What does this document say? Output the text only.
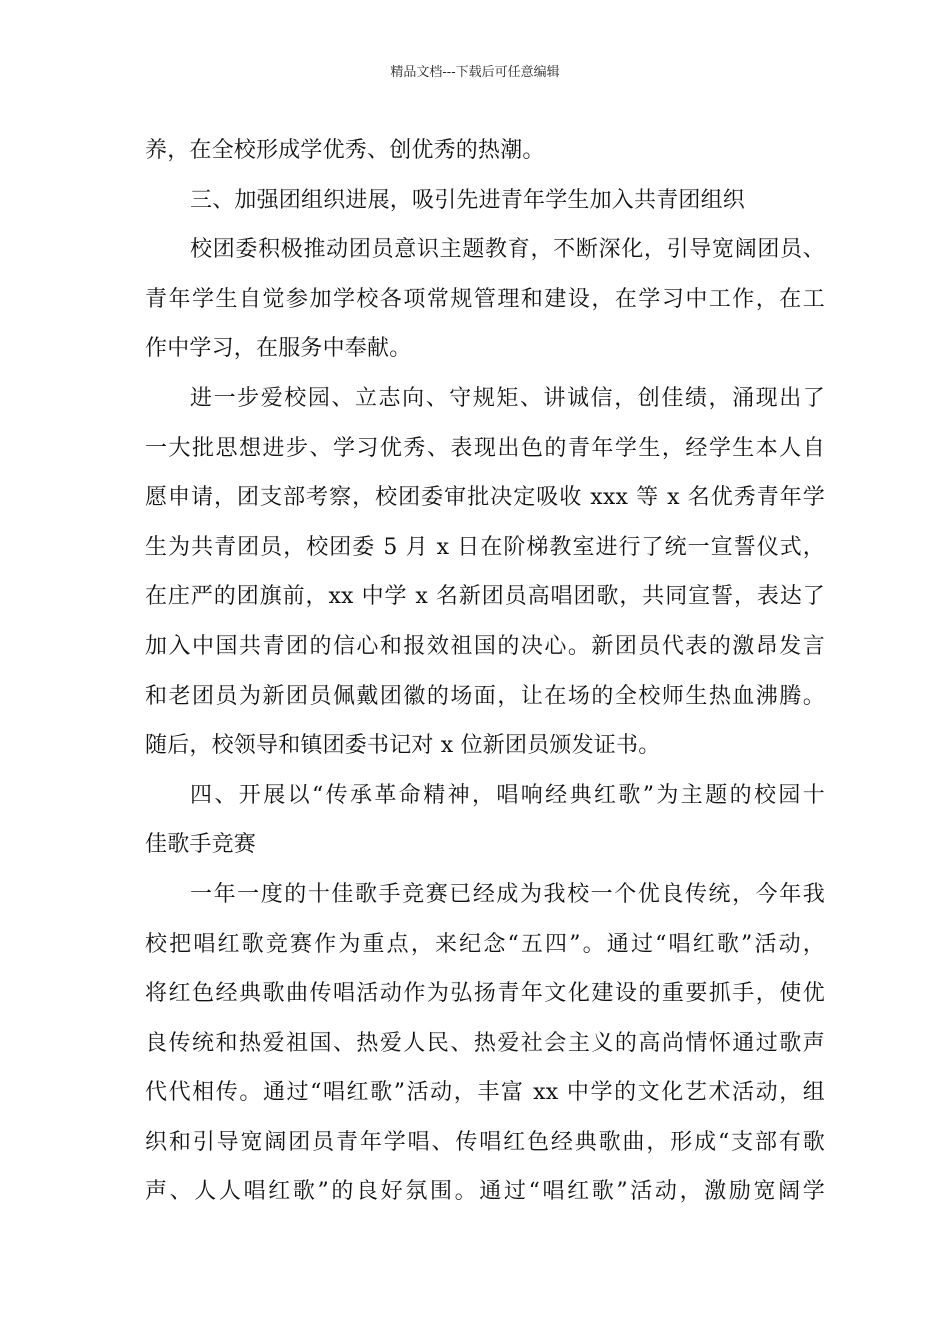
精品文档---下载后可任意编辑
养，在全校形成学优秀、创优秀的热潮。
三、加强团组织进展，吸引先进青年学生加入共青团组织
校团委积极推动团员意识主题教育，不断深化，引导宽阔团员、
青年学生自觉参加学校各项常规管理和建设，在学习中工作，在工
作中学习，在服务中奉献。
进一步爱校园、立志向、守规矩、讲诚信，创佳绩，涌现出了
一大批思想进步、学习优秀、表现出色的青年学生，经学生本人自
愿申请，团支部考察，校团委审批决定吸收 xxx 等 x 名优秀青年学
生为共青团员，校团委 5 月 x 日在阶梯教室进行了统一宣誓仪式，
在庄严的团旗前，xx 中学 x 名新团员高唱团歌，共同宣誓，表达了
加入中国共青团的信心和报效祖国的决心。新团员代表的激昂发言
和老团员为新团员佩戴团徽的场面，让在场的全校师生热血沸腾。
随后，校领导和镇团委书记对 x 位新团员颁发证书。
四、开展以“传承革命精神，唱响经典红歌”为主题的校园十
佳歌手竞赛
一年一度的十佳歌手竞赛已经成为我校一个优良传统，今年我
校把唱红歌竞赛作为重点，来纪念“五四”。通过“唱红歌”活动，
将红色经典歌曲传唱活动作为弘扬青年文化建设的重要抓手，使优
良传统和热爱祖国、热爱人民、热爱社会主义的高尚情怀通过歌声
代代相传。通过“唱红歌”活动，丰富 xx 中学的文化艺术活动，组
织和引导宽阔团员青年学唱、传唱红色经典歌曲，形成“支部有歌
声、人人唱红歌”的良好氛围。通过“唱红歌”活动，激励宽阔学
